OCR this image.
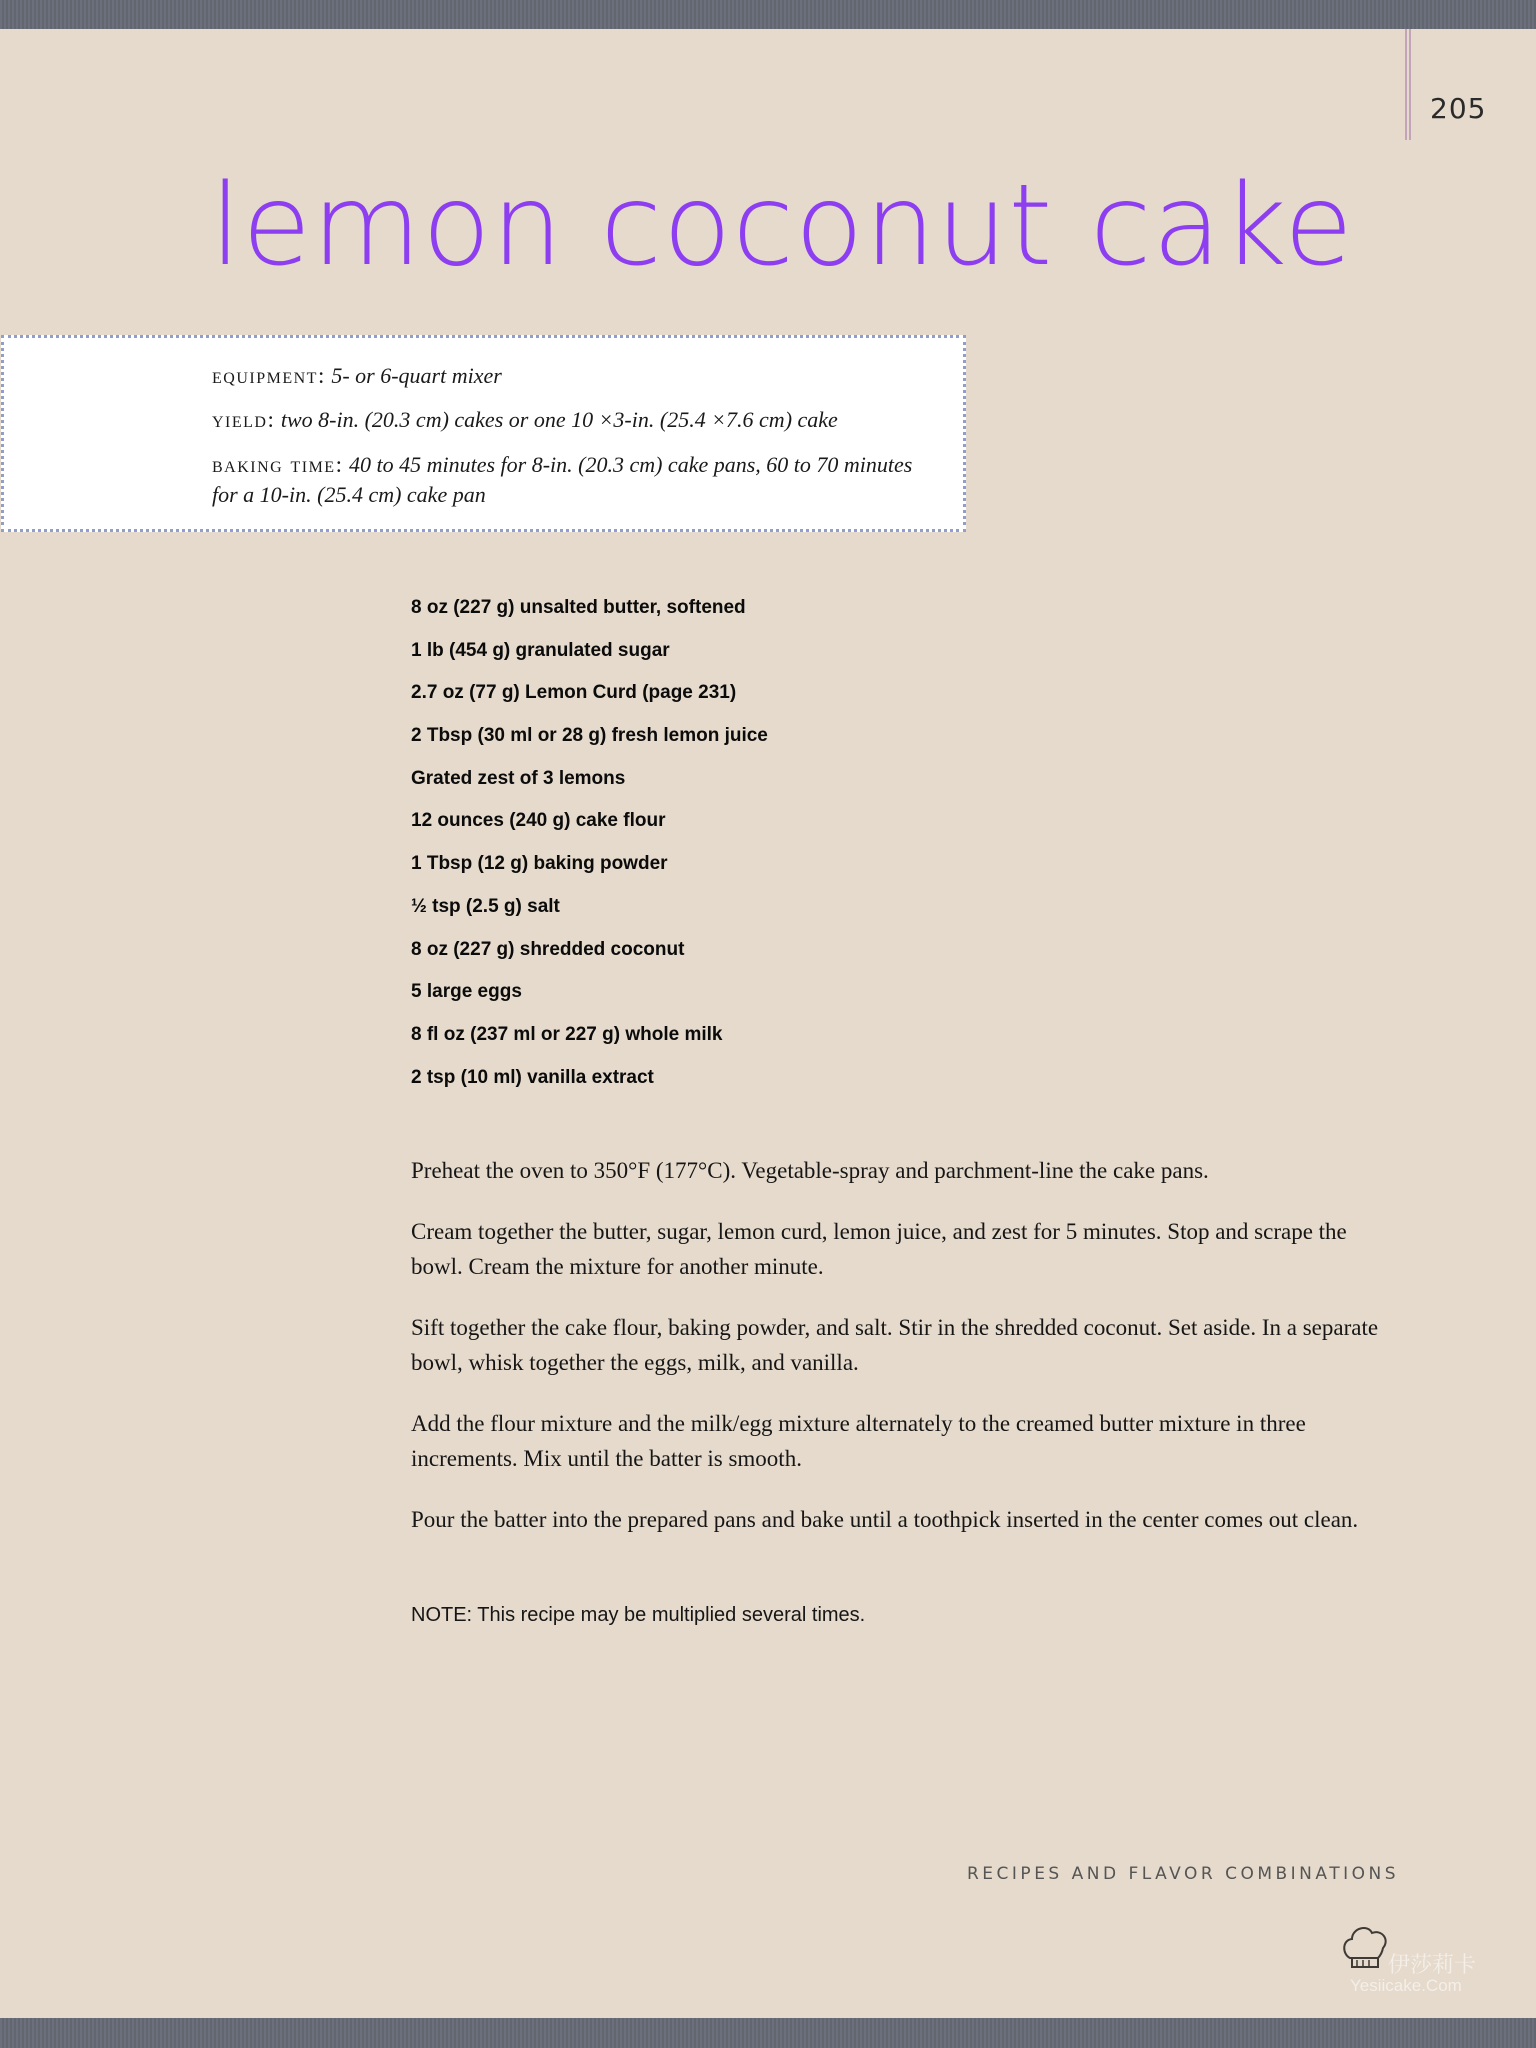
205
lemon coconut cake
equipment: 5- or 6-quart mixer
yield: two 8-in. (20.3 cm) cakes or one 10 ×3-in. (25.4 ×7.6 cm) cake
baking time: 40 to 45 minutes for 8-in. (20.3 cm) cake pans, 60 to 70 minutes
for a 10-in. (25.4 cm) cake pan
8 oz (227 g) unsalted butter, softened
1 lb (454 g) granulated sugar
2.7 oz (77 g) Lemon Curd (page 231)
2 Tbsp (30 ml or 28 g) fresh lemon juice
Grated zest of 3 lemons
12 ounces (240 g) cake flour
1 Tbsp (12 g) baking powder
½ tsp (2.5 g) salt
8 oz (227 g) shredded coconut
5 large eggs
8 fl oz (237 ml or 227 g) whole milk
2 tsp (10 ml) vanilla extract

Preheat the oven to 350°F (177°C). Vegetable-spray and parchment-line the cake pans.

Cream together the butter, sugar, lemon curd, lemon juice, and zest for 5 minutes. Stop and scrape the bowl. Cream the mixture for another minute.

Sift together the cake flour, baking powder, and salt. Stir in the shredded coconut. Set aside. In a separate bowl, whisk together the eggs, milk, and vanilla.

Add the flour mixture and the milk/egg mixture alternately to the creamed butter mixture in three increments. Mix until the batter is smooth.

Pour the batter into the prepared pans and bake until a toothpick inserted in the center comes out clean.

NOTE: This recipe may be multiplied several times.
RECIPES AND FLAVOR COMBINATIONS
伊莎莉卡
Yesiicake.Com
